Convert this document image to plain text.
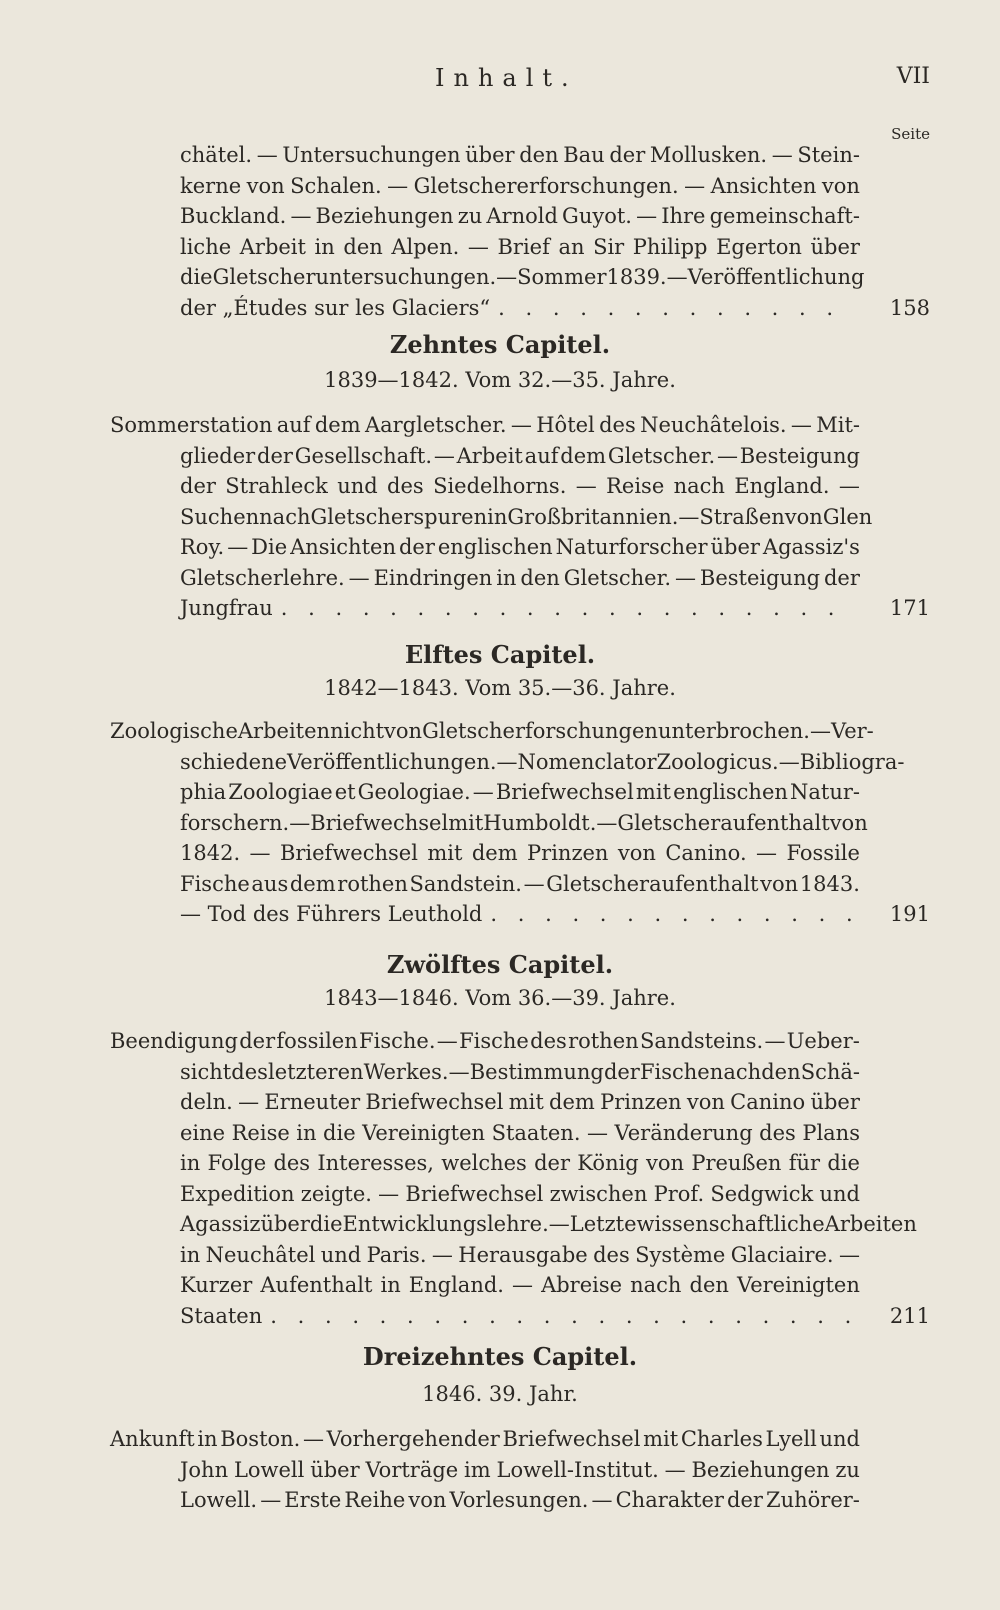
Inhalt.	VII
Seite
chätel. — Untersuchungen über den Bau der Mollusken. — Stein-
kerne von Schalen. — Gletschererforschungen. — Ansichten von
Buckland. — Beziehungen zu Arnold Guyot. — Ihre gemeinschaft-
liche Arbeit in den Alpen. — Brief an Sir Philipp Egerton über
die Gletscheruntersuchungen. — Sommer 1839. — Veröffentlichung
der „Études sur les Glaciers“ . . .	158
Zehntes Capitel.
1839—1842. Vom 32.—35. Jahre.
Sommerstation auf dem Aargletscher. — Hôtel des Neuchâtelois. — Mit-
glieder der Gesellschaft. — Arbeit auf dem Gletscher. — Besteigung
der Strahleck und des Siedelhorns. — Reise nach England. —
Suchen nach Gletscherspuren in Großbritannien. — Straßen von Glen
Roy. — Die Ansichten der englischen Naturforscher über Agassiz's
Gletscherlehre. — Eindringen in den Gletscher. — Besteigung der
Jungfrau . . .	171
Elftes Capitel.
1842—1843. Vom 35.—36. Jahre.
Zoologische Arbeiten nicht von Gletscherforschungen unterbrochen. — Ver-
schiedene Veröffentlichungen. — Nomenclator Zoologicus. — Bibliogra-
phia Zoologiae et Geologiae. — Briefwechsel mit englischen Natur-
forschern. — Briefwechsel mit Humboldt. — Gletscheraufenthalt von
1842. — Briefwechsel mit dem Prinzen von Canino. — Fossile
Fische aus dem rothen Sandstein. — Gletscheraufenthalt von 1843.
— Tod des Führers Leuthold . . .	191
Zwölftes Capitel.
1843—1846. Vom 36.—39. Jahre.
Beendigung der fossilen Fische. — Fische des rothen Sandsteins. — Ueber-
sicht des letzteren Werkes. — Bestimmung der Fische nach den Schä-
deln. — Erneuter Briefwechsel mit dem Prinzen von Canino über
eine Reise in die Vereinigten Staaten. — Veränderung des Plans
in Folge des Interesses, welches der König von Preußen für die
Expedition zeigte. — Briefwechsel zwischen Prof. Sedgwick und
Agassiz über die Entwicklungslehre. — Letzte wissenschaftliche Arbeiten
in Neuchâtel und Paris. — Herausgabe des Système Glaciaire. —
Kurzer Aufenthalt in England. — Abreise nach den Vereinigten
Staaten . . .	211
Dreizehntes Capitel.
1846. 39. Jahr.
Ankunft in Boston. — Vorhergehender Briefwechsel mit Charles Lyell und
John Lowell über Vorträge im Lowell-Institut. — Beziehungen zu
Lowell. — Erste Reihe von Vorlesungen. — Charakter der Zuhörer-
